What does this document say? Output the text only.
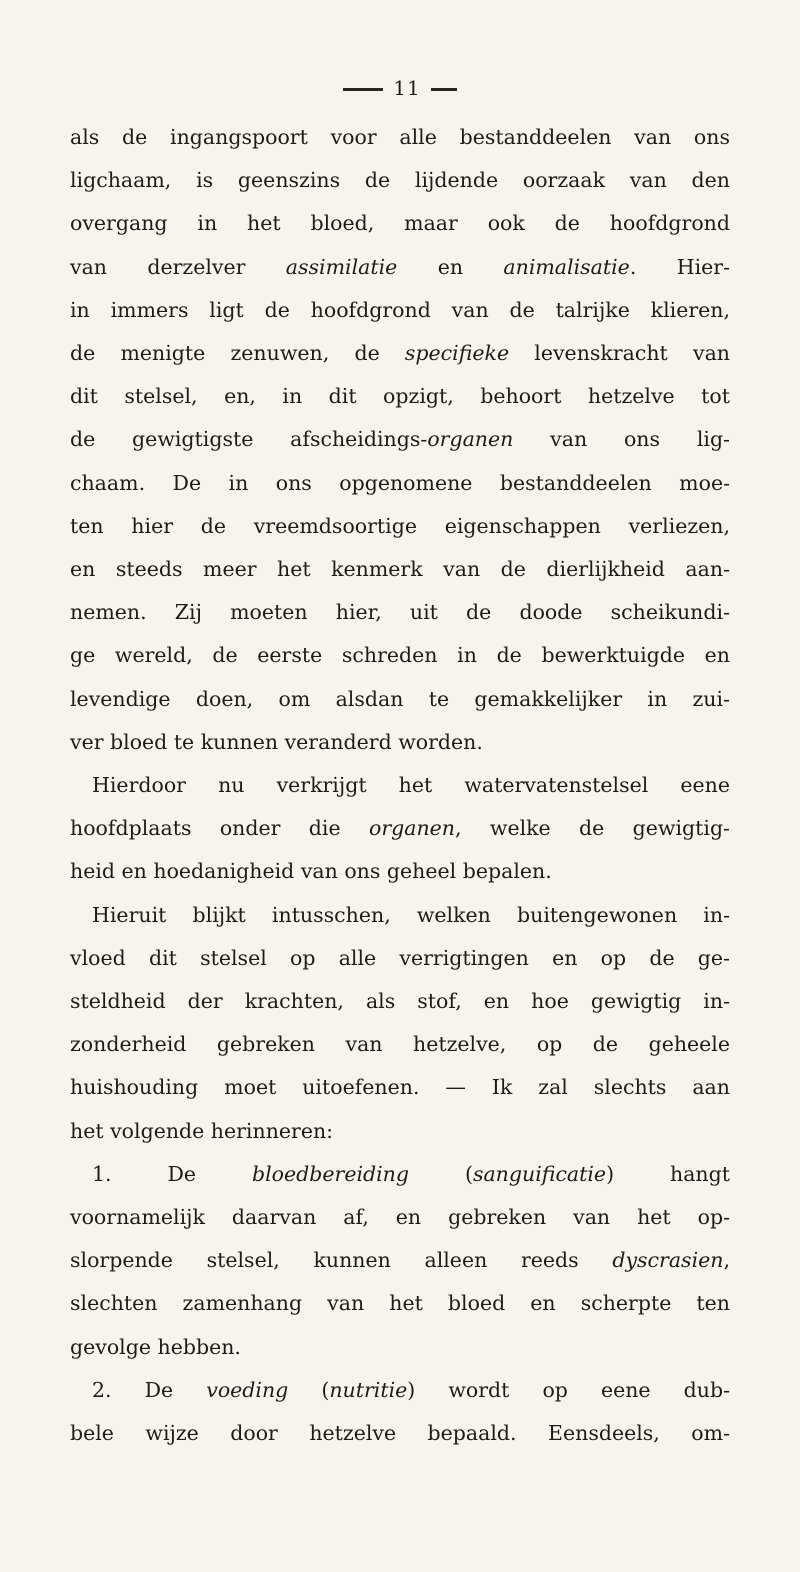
11
als de ingangspoort voor alle bestanddeelen van ons
ligchaam, is geenszins de lijdende oorzaak van den
overgang in het bloed, maar ook de hoofdgrond
van derzelver assimilatie en animalisatie. Hier-
in immers ligt de hoofdgrond van de talrijke klieren,
de menigte zenuwen, de specifieke levenskracht van
dit stelsel, en, in dit opzigt, behoort hetzelve tot
de gewigtigste afscheidings-organen van ons lig-
chaam. De in ons opgenomene bestanddeelen moe-
ten hier de vreemdsoortige eigenschappen verliezen,
en steeds meer het kenmerk van de dierlijkheid aan-
nemen. Zij moeten hier, uit de doode scheikundi-
ge wereld, de eerste schreden in de bewerktuigde en
levendige doen, om alsdan te gemakkelijker in zui-
ver bloed te kunnen veranderd worden.
Hierdoor nu verkrijgt het watervatenstelsel eene
hoofdplaats onder die organen, welke de gewigtig-
heid en hoedanigheid van ons geheel bepalen.
Hieruit blijkt intusschen, welken buitengewonen in-
vloed dit stelsel op alle verrigtingen en op de ge-
steldheid der krachten, als stof, en hoe gewigtig in-
zonderheid gebreken van hetzelve, op de geheele
huishouding moet uitoefenen. — Ik zal slechts aan
het volgende herinneren:
1. De bloedbereiding (sanguificatie) hangt
voornamelijk daarvan af, en gebreken van het op-
slorpende stelsel, kunnen alleen reeds dyscrasien,
slechten zamenhang van het bloed en scherpte ten
gevolge hebben.
2. De voeding (nutritie) wordt op eene dub-
bele wijze door hetzelve bepaald. Eensdeels, om-
